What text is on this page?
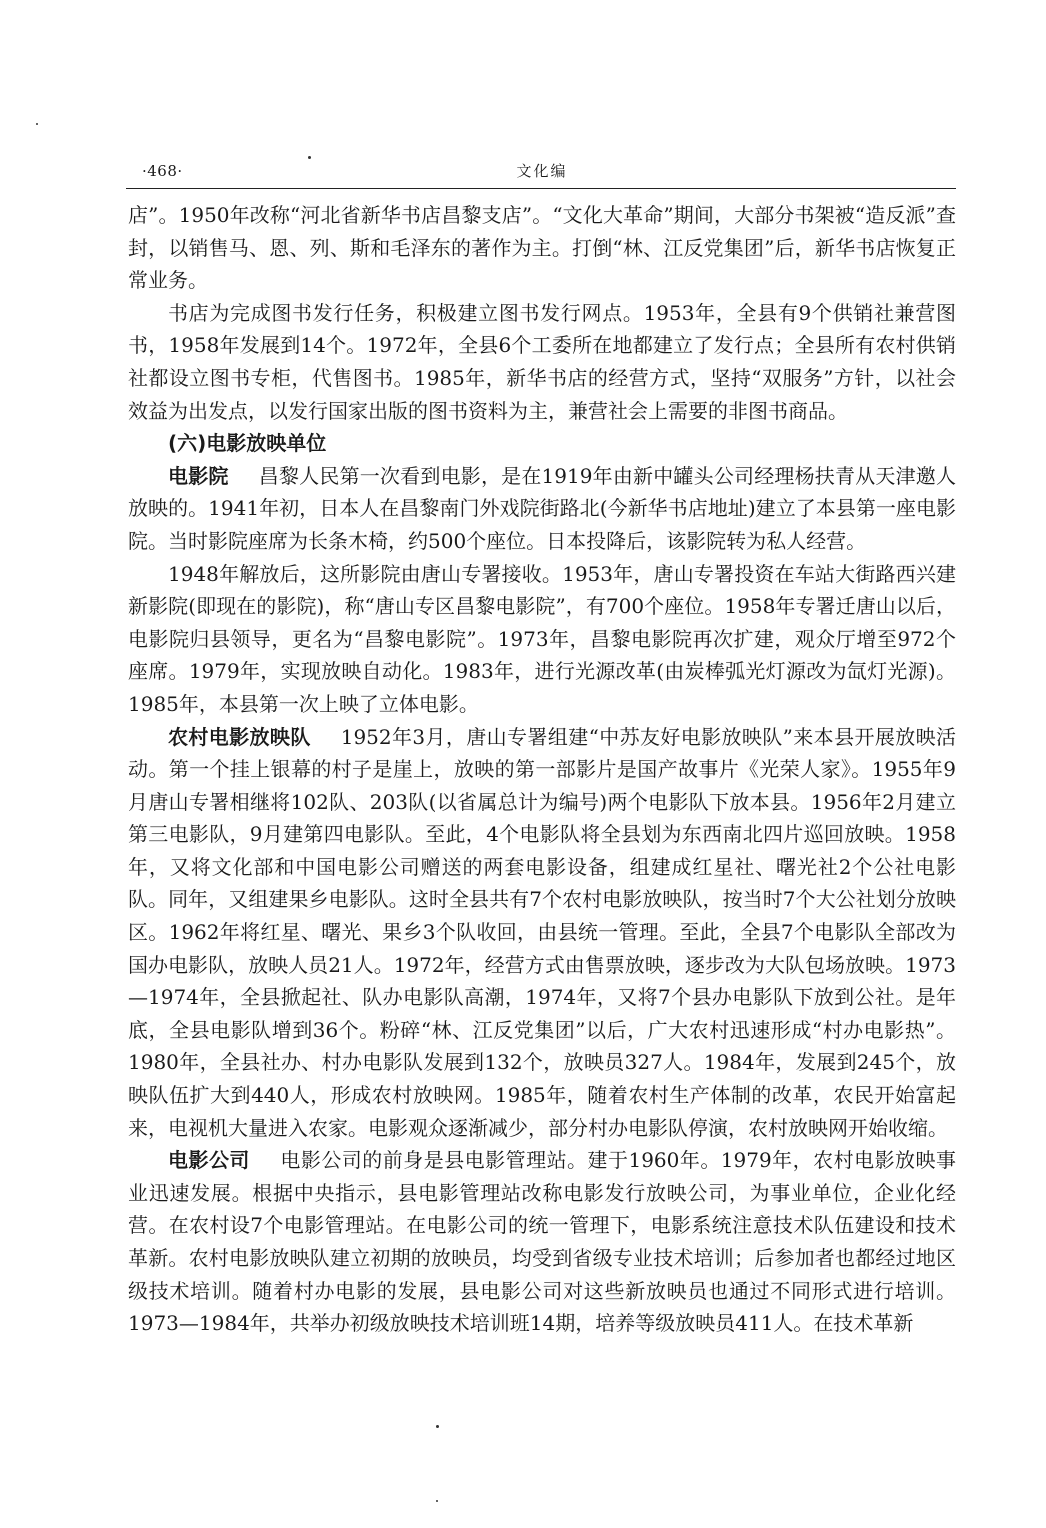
·468·	文化编

店”。1950年改称“河北省新华书店昌黎支店”。“文化大革命”期间，大部分书架被“造反派”查封，以销售马、恩、列、斯和毛泽东的著作为主。打倒“林、江反党集团”后，新华书店恢复正常业务。

书店为完成图书发行任务，积极建立图书发行网点。1953年，全县有9个供销社兼营图书，1958年发展到14个。1972年，全县6个工委所在地都建立了发行点；全县所有农村供销社都设立图书专柜，代售图书。1985年，新华书店的经营方式，坚持“双服务”方针，以社会效益为出发点，以发行国家出版的图书资料为主，兼营社会上需要的非图书商品。

(六)电影放映单位

电影院 昌黎人民第一次看到电影，是在1919年由新中罐头公司经理杨扶青从天津邀人放映的。1941年初，日本人在昌黎南门外戏院街路北(今新华书店地址)建立了本县第一座电影院。当时影院座席为长条木椅，约500个座位。日本投降后，该影院转为私人经营。

1948年解放后，这所影院由唐山专署接收。1953年，唐山专署投资在车站大街路西兴建新影院(即现在的影院)，称“唐山专区昌黎电影院”，有700个座位。1958年专署迁唐山以后，电影院归县领导，更名为“昌黎电影院”。1973年，昌黎电影院再次扩建，观众厅增至972个座席。1979年，实现放映自动化。1983年，进行光源改革(由炭棒弧光灯源改为氙灯光源)。1985年，本县第一次上映了立体电影。

农村电影放映队 1952年3月，唐山专署组建“中苏友好电影放映队”来本县开展放映活动。第一个挂上银幕的村子是崖上，放映的第一部影片是国产故事片《光荣人家》。1955年9月唐山专署相继将102队、203队(以省属总计为编号)两个电影队下放本县。1956年2月建立第三电影队，9月建第四电影队。至此，4个电影队将全县划为东西南北四片巡回放映。1958年，又将文化部和中国电影公司赠送的两套电影设备，组建成红星社、曙光社2个公社电影队。同年，又组建果乡电影队。这时全县共有7个农村电影放映队，按当时7个大公社划分放映区。1962年将红星、曙光、果乡3个队收回，由县统一管理。至此，全县7个电影队全部改为国办电影队，放映人员21人。1972年，经营方式由售票放映，逐步改为大队包场放映。1973—1974年，全县掀起社、队办电影队高潮，1974年，又将7个县办电影队下放到公社。是年底，全县电影队增到36个。粉碎“林、江反党集团”以后，广大农村迅速形成“村办电影热”。1980年，全县社办、村办电影队发展到132个，放映员327人。1984年，发展到245个，放映队伍扩大到440人，形成农村放映网。1985年，随着农村生产体制的改革，农民开始富起来，电视机大量进入农家。电影观众逐渐减少，部分村办电影队停演，农村放映网开始收缩。

电影公司 电影公司的前身是县电影管理站。建于1960年。1979年，农村电影放映事业迅速发展。根据中央指示，县电影管理站改称电影发行放映公司，为事业单位，企业化经营。在农村设7个电影管理站。在电影公司的统一管理下，电影系统注意技术队伍建设和技术革新。农村电影放映队建立初期的放映员，均受到省级专业技术培训；后参加者也都经过地区级技术培训。随着村办电影的发展，县电影公司对这些新放映员也通过不同形式进行培训。1973—1984年，共举办初级放映技术培训班14期，培养等级放映员411人。在技术革新
